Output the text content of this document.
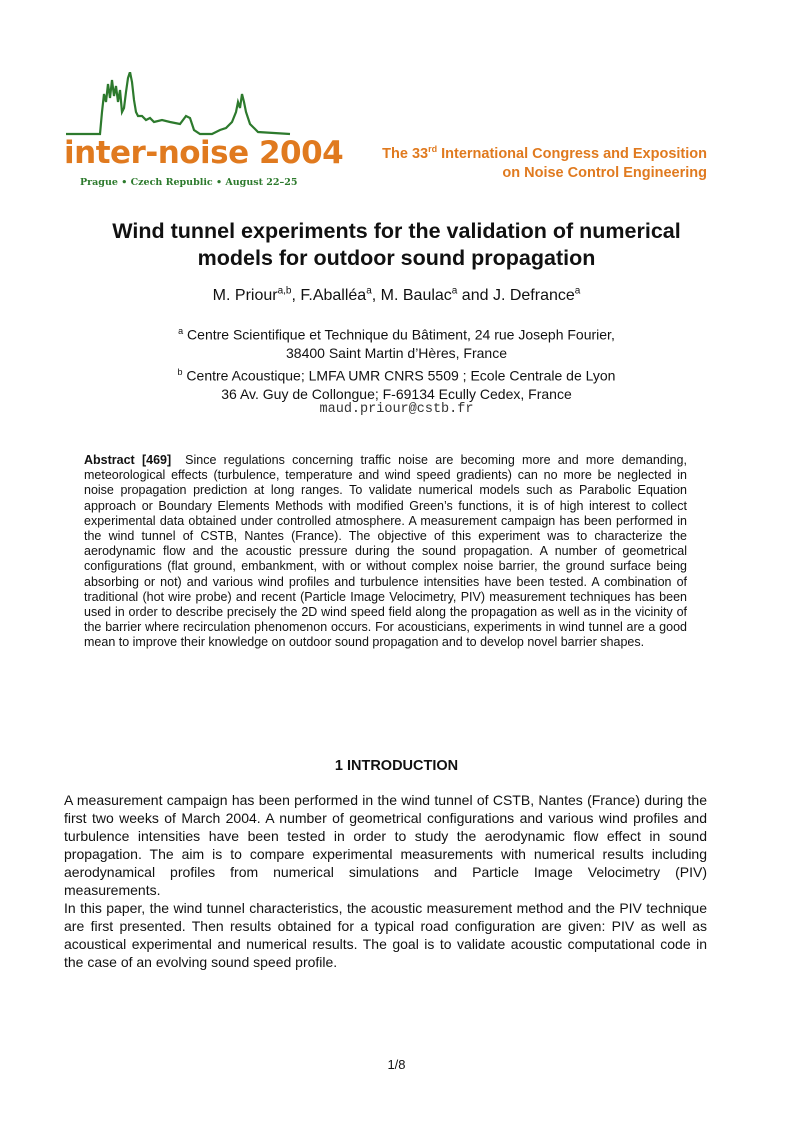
inter-noise 2004
Prague • Czech Republic • August 22–25
The 33rd International Congress and Exposition
on Noise Control Engineering
Wind tunnel experiments for the validation of numerical
models for outdoor sound propagation
M. Priour$^{a,b}$, F.Aballéa$^a$, M. Baulac$^a$ and J. Defrance$^a$
$^a$ Centre Scientifique et Technique du Bâtiment, 24 rue Joseph Fourier,
38400 Saint Martin d’Hères, France
$^b$ Centre Acoustique; LMFA UMR CNRS 5509 ; Ecole Centrale de Lyon
36 Av. Guy de Collongue; F-69134 Ecully Cedex, France
maud.priour@cstb.fr
Abstract [469] Since regulations concerning traffic noise are becoming more and more demanding, meteorological effects (turbulence, temperature and wind speed gradients) can no more be neglected in noise propagation prediction at long ranges. To validate numerical models such as Parabolic Equation approach or Boundary Elements Methods with modified Green’s functions, it is of high interest to collect experimental data obtained under controlled atmosphere. A measurement campaign has been performed in the wind tunnel of CSTB, Nantes (France). The objective of this experiment was to characterize the aerodynamic flow and the acoustic pressure during the sound propagation. A number of geometrical configurations (flat ground, embankment, with or without complex noise barrier, the ground surface being absorbing or not) and various wind profiles and turbulence intensities have been tested. A combination of traditional (hot wire probe) and recent (Particle Image Velocimetry, PIV) measurement techniques has been used in order to describe precisely the 2D wind speed field along the propagation as well as in the vicinity of the barrier where recirculation phenomenon occurs. For acousticians, experiments in wind tunnel are a good mean to improve their knowledge on outdoor sound propagation and to develop novel barrier shapes.
1 INTRODUCTION

A measurement campaign has been performed in the wind tunnel of CSTB, Nantes (France) during the first two weeks of March 2004. A number of geometrical configurations and various wind profiles and turbulence intensities have been tested in order to study the aerodynamic flow effect in sound propagation. The aim is to compare experimental measurements with numerical results including aerodynamical profiles from numerical simulations and Particle Image Velocimetry (PIV) measurements.

In this paper, the wind tunnel characteristics, the acoustic measurement method and the PIV technique are first presented. Then results obtained for a typical road configuration are given: PIV as well as acoustical experimental and numerical results. The goal is to validate acoustic computational code in the case of an evolving sound speed profile.

1/8
